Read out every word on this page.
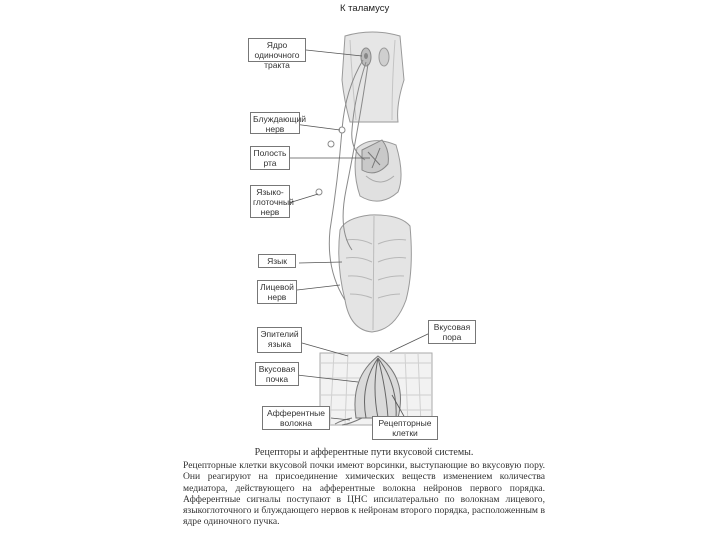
К таламусу
Ядро одиночного
тракта
Блуждающий
нерв
Полость
рта
Языко-
глоточный
нерв
Язык
Лицевой
нерв
Эпителий
языка
Вкусовая
пора
Вкусовая
почка
Афферентные
волокна	Рецепторные
клетки
Рецепторы и афферентные пути вкусовой системы.
Рецепторные клетки вкусовой почки имеют ворсинки, выступающие во вкусовую пору. Они реагируют на присоединение химических веществ изменением количества медиатора, действующего на афферентные волокна нейронов первого порядка. Афферентные сигналы поступают в ЦНС ипсилатерально по волокнам лицевого, языкоглоточного и блуждающего нервов к нейронам второго порядка, расположенным в ядре одиночного пучка.
